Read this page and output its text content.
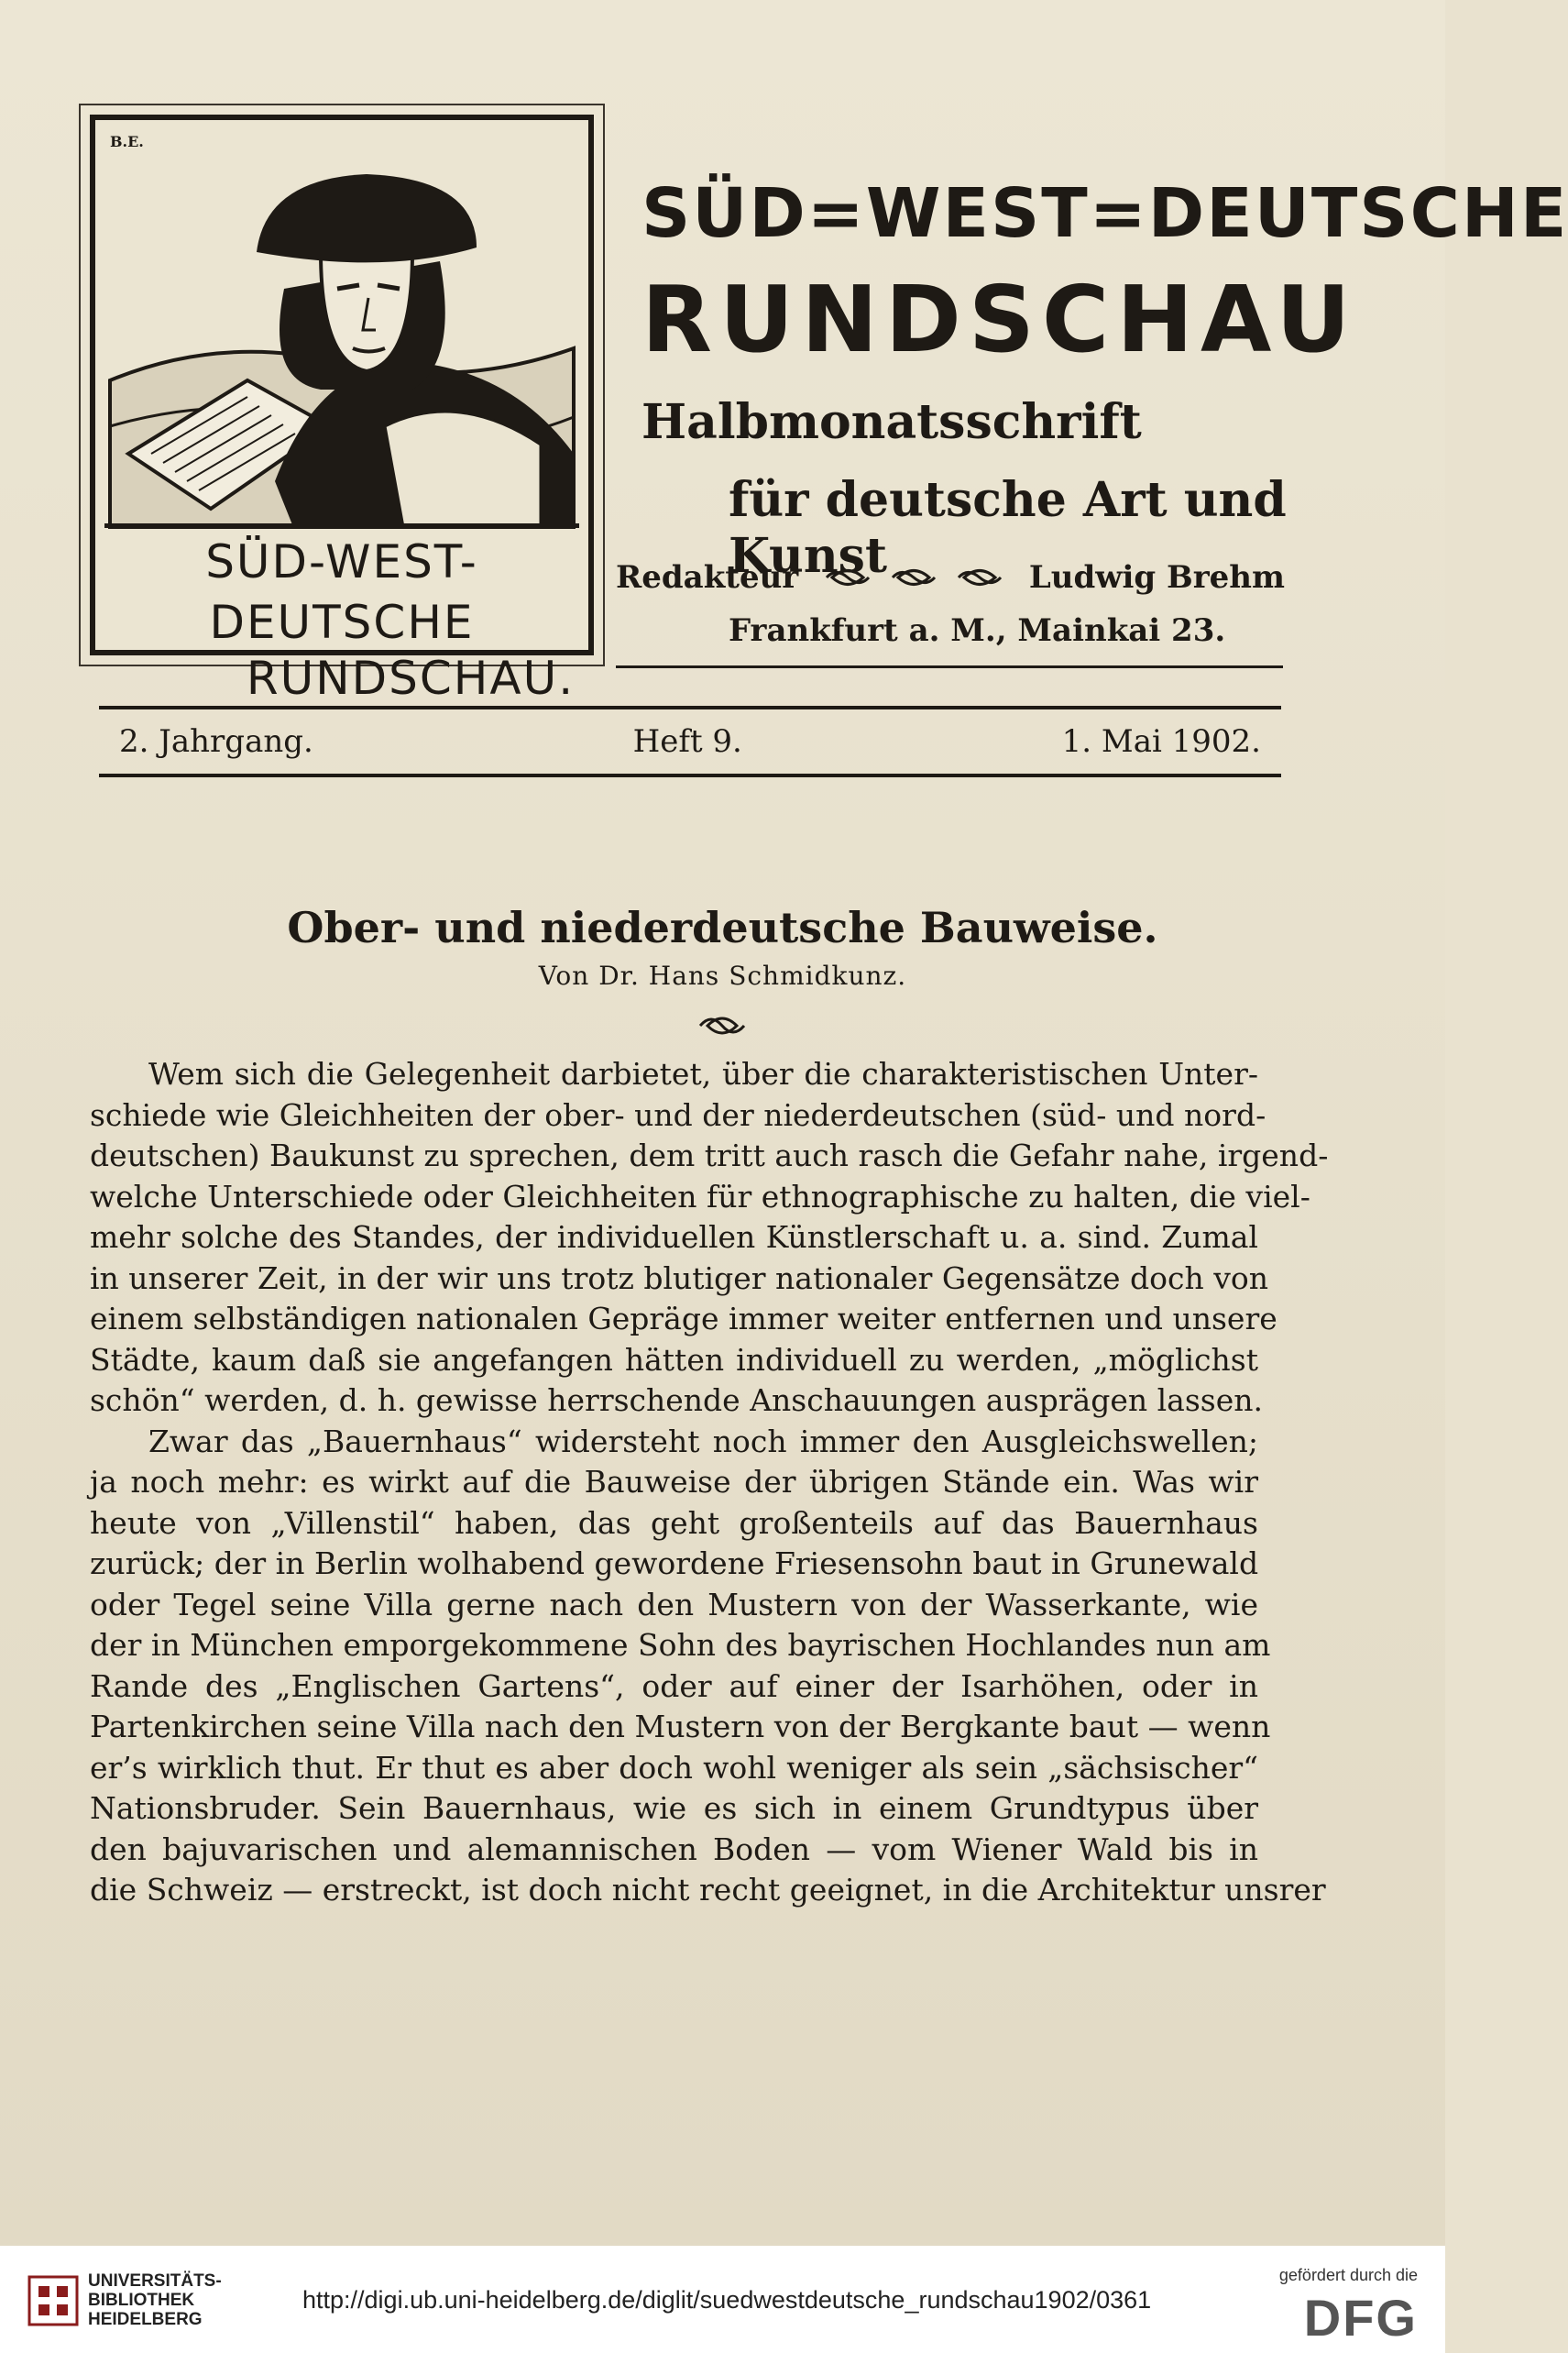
B.E.
SÜD-WEST-DEUTSCHE
RUNDSCHAU.
SÜD=WEST=DEUTSCHE
RUNDSCHAU
Halbmonatsschrift
für deutsche Art und Kunst
Redakteur	Ludwig Brehm
Frankfurt a. M., Mainkai 23.
2. Jahrgang.	Heft 9.	1. Mai 1902.
Ober- und niederdeutsche Bauweise.
Von Dr. Hans Schmidkunz.
Wem sich die Gelegenheit darbietet, über die charakteristischen Unter-
schiede wie Gleichheiten der ober- und der niederdeutschen (süd- und nord-
deutschen) Baukunst zu sprechen, dem tritt auch rasch die Gefahr nahe, irgend-
welche Unterschiede oder Gleichheiten für ethnographische zu halten, die viel-
mehr solche des Standes, der individuellen Künstlerschaft u. a. sind. Zumal
in unserer Zeit, in der wir uns trotz blutiger nationaler Gegensätze doch von
einem selbständigen nationalen Gepräge immer weiter entfernen und unsere
Städte, kaum daß sie angefangen hätten individuell zu werden, „möglichst
schön“ werden, d. h. gewisse herrschende Anschauungen ausprägen lassen.
Zwar das „Bauernhaus“ widersteht noch immer den Ausgleichswellen;
ja noch mehr: es wirkt auf die Bauweise der übrigen Stände ein. Was wir
heute von „Villenstil“ haben, das geht großenteils auf das Bauernhaus
zurück; der in Berlin wolhabend gewordene Friesensohn baut in Grunewald
oder Tegel seine Villa gerne nach den Mustern von der Wasserkante, wie
der in München emporgekommene Sohn des bayrischen Hochlandes nun am
Rande des „Englischen Gartens“, oder auf einer der Isarhöhen, oder in
Partenkirchen seine Villa nach den Mustern von der Bergkante baut — wenn
er’s wirklich thut. Er thut es aber doch wohl weniger als sein „sächsischer“
Nationsbruder. Sein Bauernhaus, wie es sich in einem Grundtypus über
den bajuvarischen und alemannischen Boden — vom Wiener Wald bis in
die Schweiz — erstreckt, ist doch nicht recht geeignet, in die Architektur unsrer
UNIVERSITÄTS-
BIBLIOTHEK
HEIDELBERG
http://digi.ub.uni-heidelberg.de/diglit/suedwestdeutsche_rundschau1902/0361
gefördert durch die
DFG
